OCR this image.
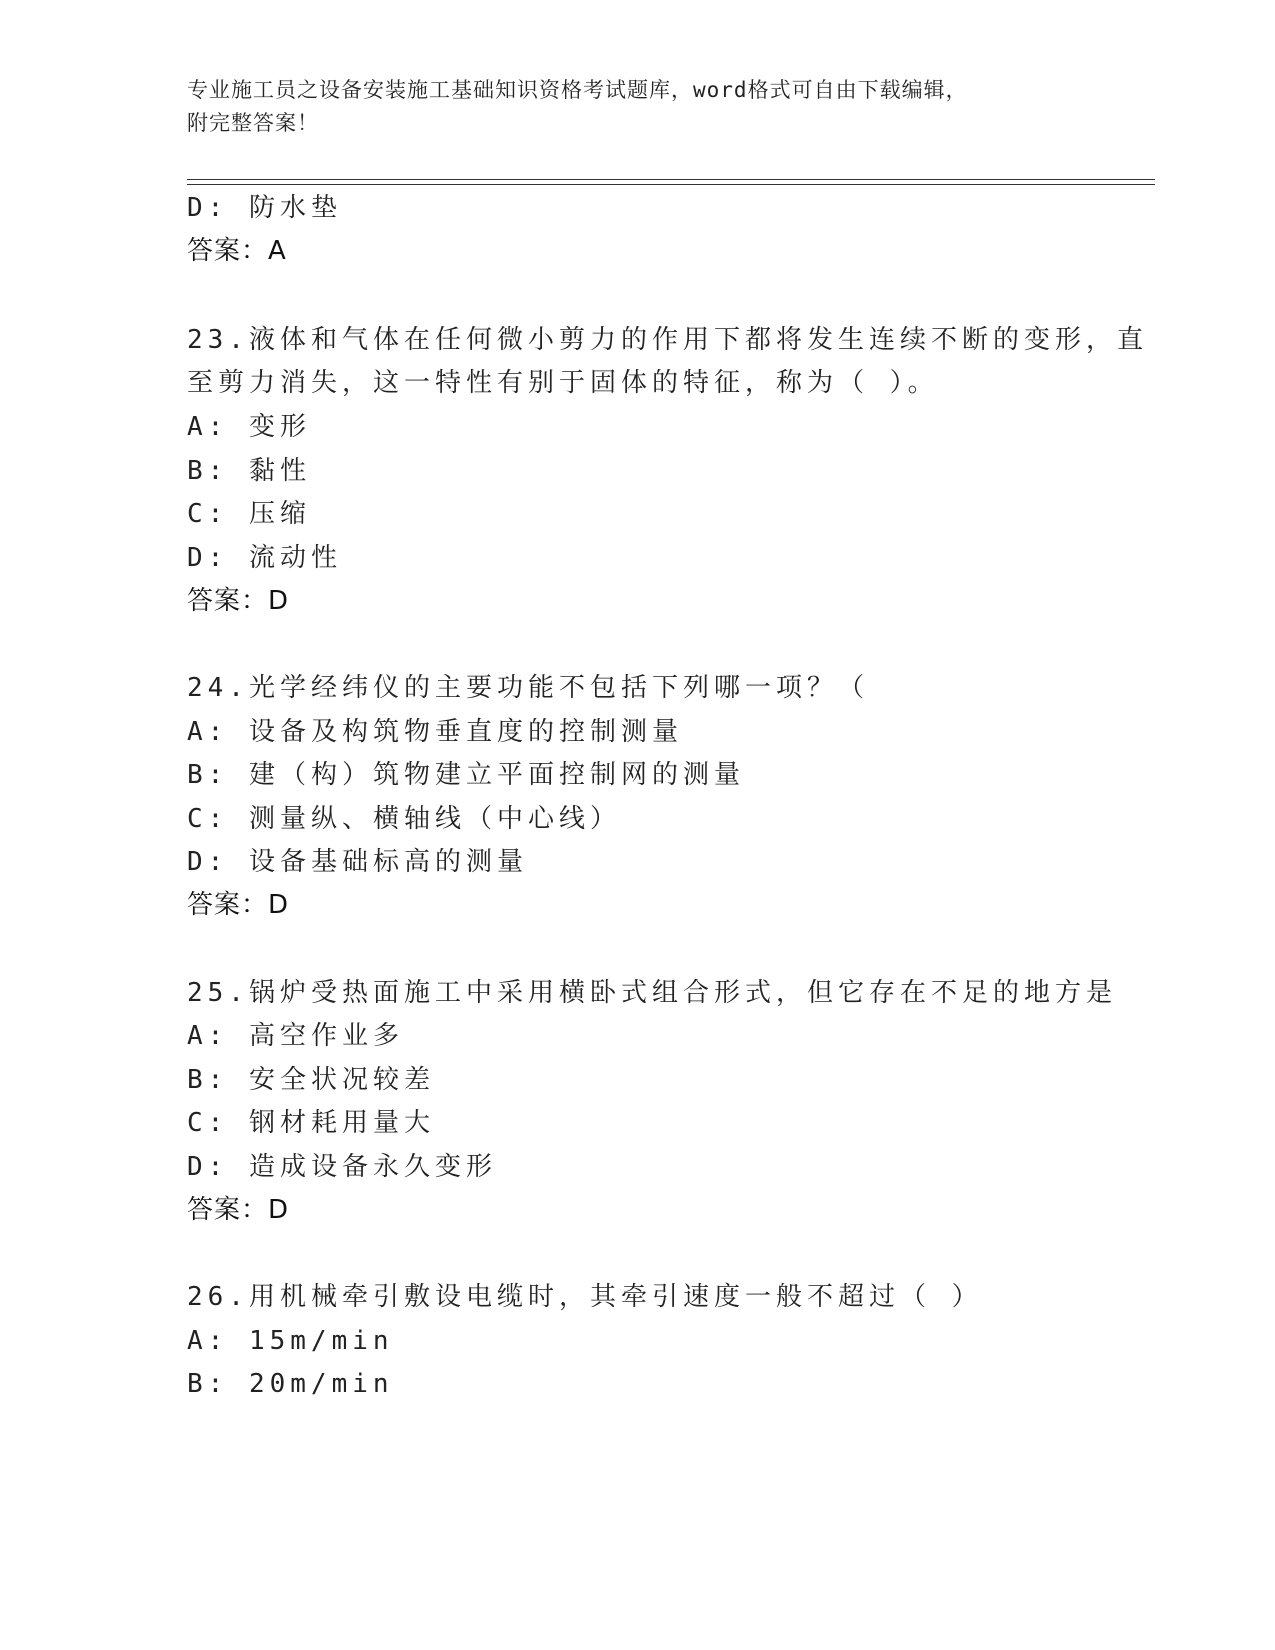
专业施工员之设备安装施工基础知识资格考试题库，word格式可自由下载编辑，
附完整答案！
D: 防水垫
答案：A
23.液体和气体在任何微小剪力的作用下都将发生连续不断的变形，直
至剪力消失，这一特性有别于固体的特征，称为（ ）。
A: 变形
B: 黏性
C: 压缩
D: 流动性
答案：D
24.光学经纬仪的主要功能不包括下列哪一项？（
A: 设备及构筑物垂直度的控制测量
B: 建（构）筑物建立平面控制网的测量
C: 测量纵、横轴线（中心线）
D: 设备基础标高的测量
答案：D
25.锅炉受热面施工中采用横卧式组合形式，但它存在不足的地方是
A: 高空作业多
B: 安全状况较差
C: 钢材耗用量大
D: 造成设备永久变形
答案：D
26.用机械牵引敷设电缆时，其牵引速度一般不超过（ ）
A: 15m/min
B: 20m/min
